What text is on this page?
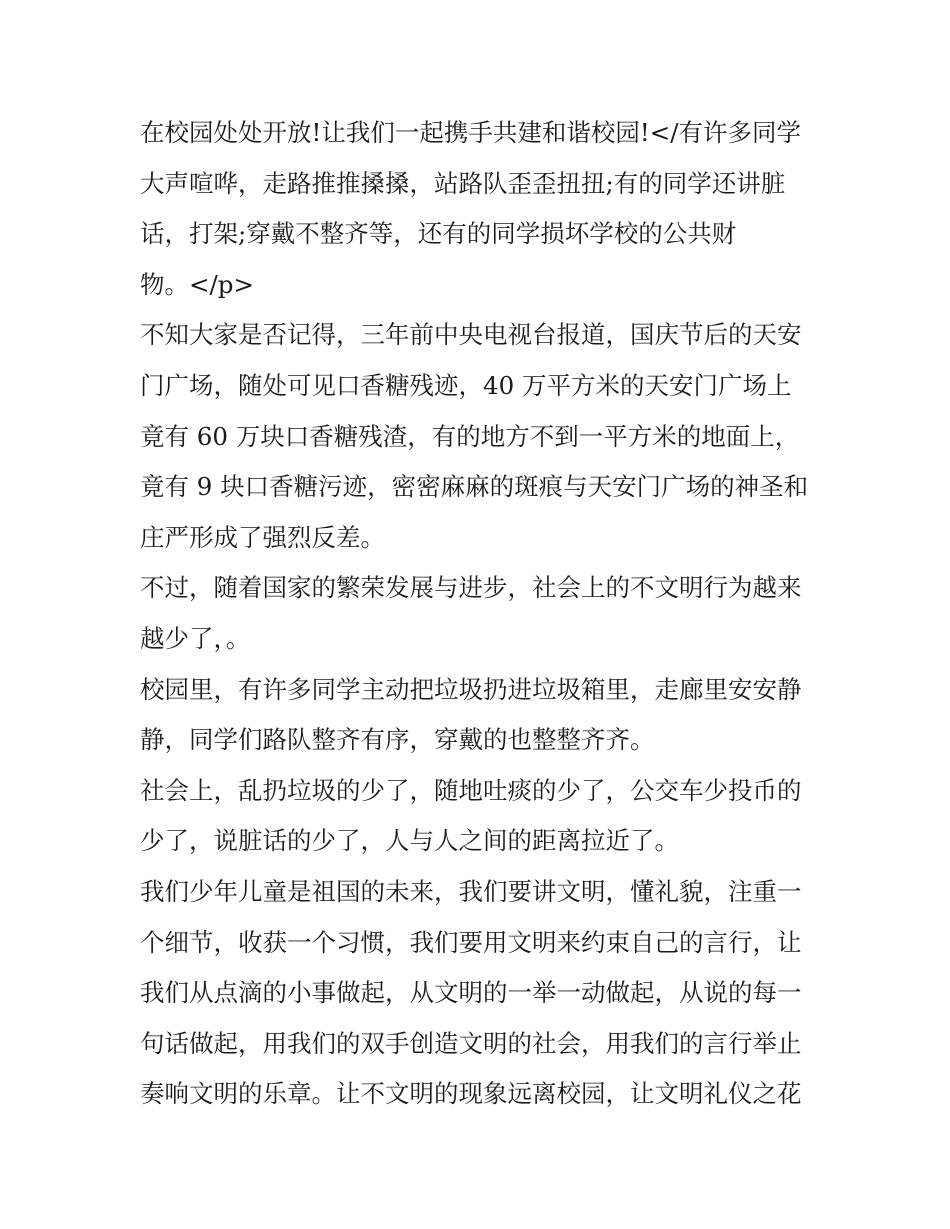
在校园处处开放!让我们一起携手共建和谐校园!</有许多同学
大声喧哗，走路推推搡搡，站路队歪歪扭扭;有的同学还讲脏
话，打架;穿戴不整齐等，还有的同学损坏学校的公共财
物。</p>
不知大家是否记得，三年前中央电视台报道，国庆节后的天安
门广场，随处可见口香糖残迹，40 万平方米的天安门广场上
竟有 60 万块口香糖残渣，有的地方不到一平方米的地面上，
竟有 9 块口香糖污迹，密密麻麻的斑痕与天安门广场的神圣和
庄严形成了强烈反差。
不过，随着国家的繁荣发展与进步，社会上的不文明行为越来
越少了，。
校园里，有许多同学主动把垃圾扔进垃圾箱里，走廊里安安静
静，同学们路队整齐有序，穿戴的也整整齐齐。
社会上，乱扔垃圾的少了，随地吐痰的少了，公交车少投币的
少了，说脏话的少了，人与人之间的距离拉近了。
我们少年儿童是祖国的未来，我们要讲文明，懂礼貌，注重一
个细节，收获一个习惯，我们要用文明来约束自己的言行，让
我们从点滴的小事做起，从文明的一举一动做起，从说的每一
句话做起，用我们的双手创造文明的社会，用我们的言行举止
奏响文明的乐章。让不文明的现象远离校园，让文明礼仪之花
